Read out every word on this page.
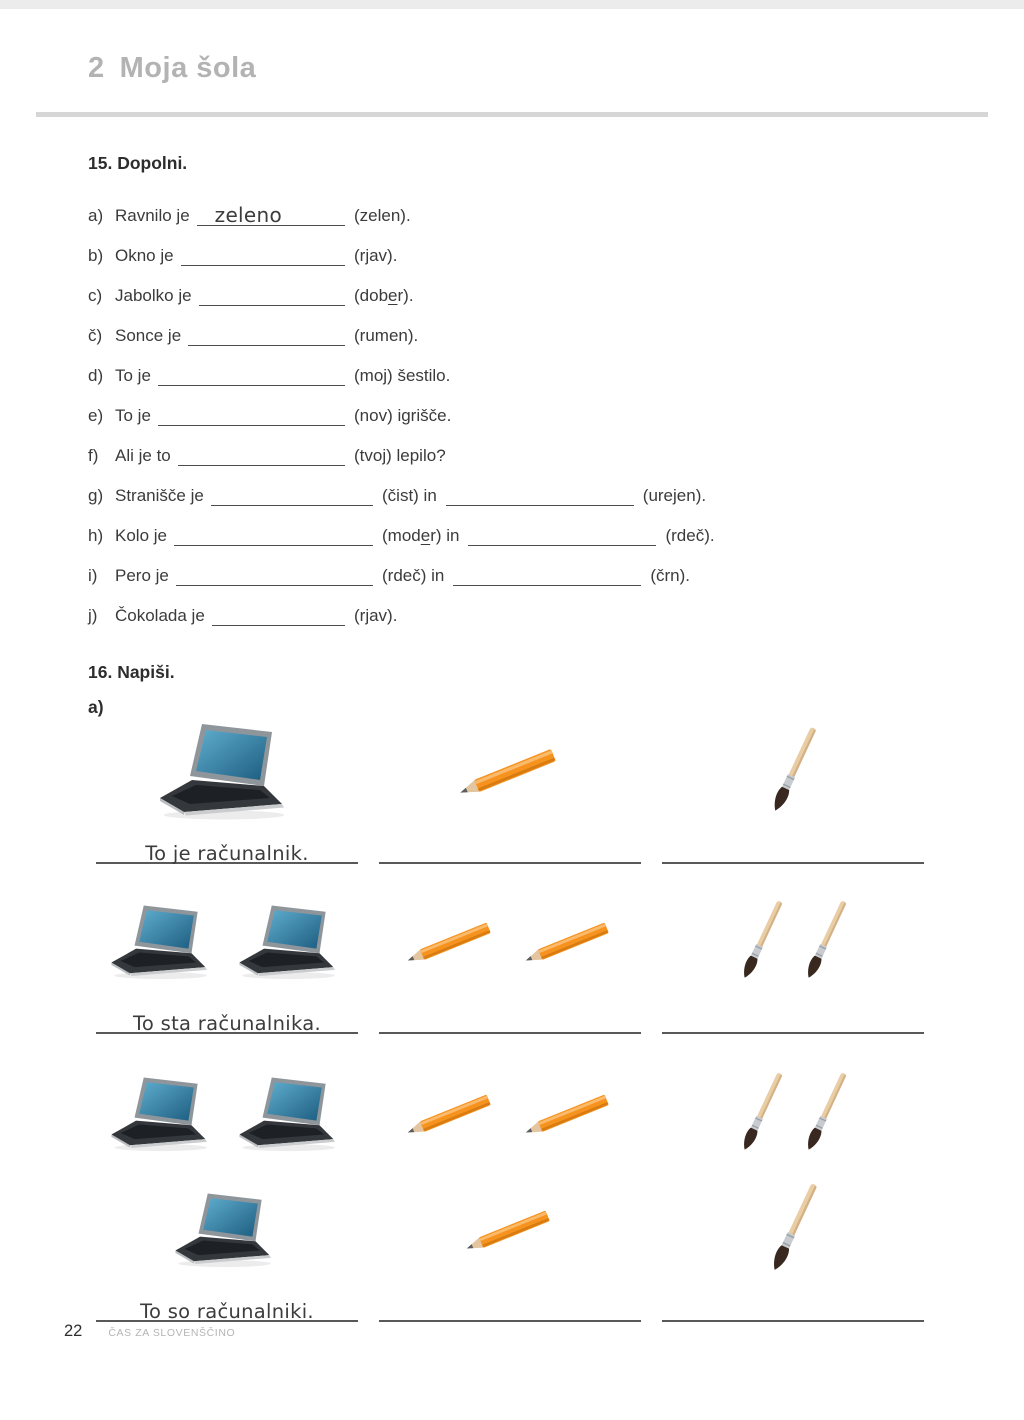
2 Moja šola
15. Dopolni.
a) Ravnilo je zeleno	(zelen).
b) Okno je	(rjav).
c) Jabolko je	(dober).
č) Sonce je	(rumen).
d) To je	(moj) šestilo.
e) To je	(nov) igrišče.
f) Ali je to	(tvoj) lepilo?
g) Stranišče je	(čist) in	(urejen).
h) Kolo je	(moder) in	(rdeč).
i)	Pero je	(rdeč) in	(črn).
j)	Čokolada je	(rjav).
16. Napiši.
a)
To je računalnik.
To sta računalnika.
To so računalniki.
22 ČAS ZA SLOVENŠČINO
